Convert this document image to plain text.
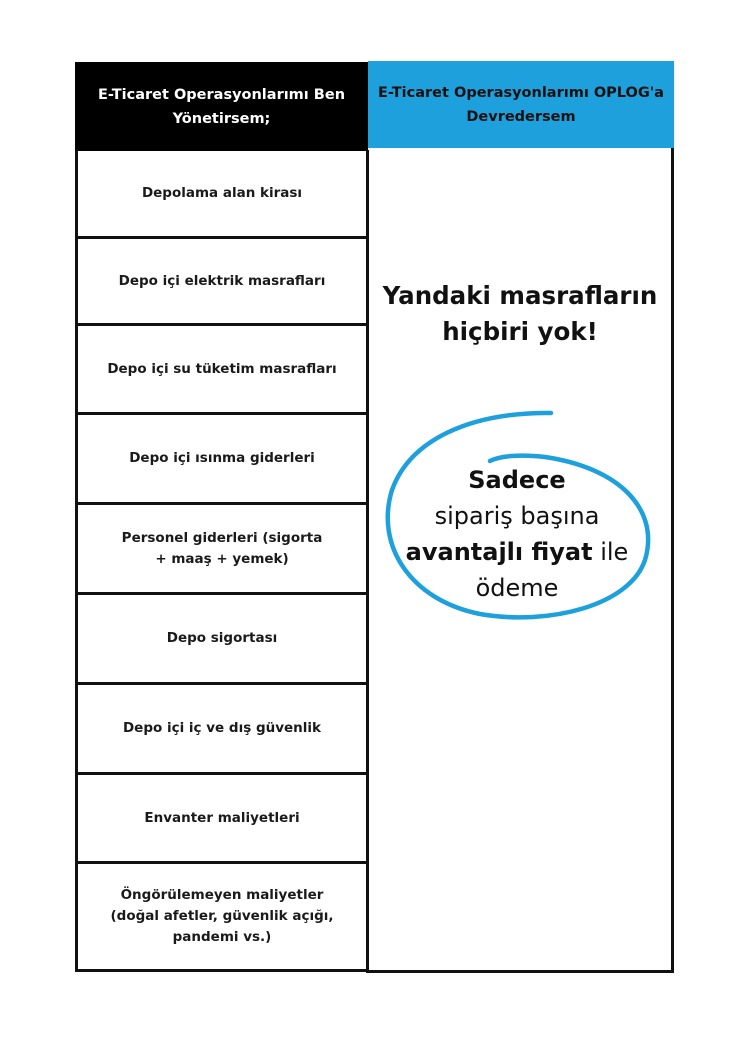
E-Ticaret Operasyonlarımı Ben Yönetirsem;
E-Ticaret Operasyonlarımı OPLOG'a Devredersem
Depolama alan kirası
Depo içi elektrik masrafları
Depo içi su tüketim masrafları
Depo içi ısınma giderleri
Personel giderleri (sigorta + maaş + yemek)
Depo sigortası
Depo içi iç ve dış güvenlik
Envanter maliyetleri
Öngörülemeyen maliyetler (doğal afetler, güvenlik açığı, pandemi vs.)
Yandaki masrafların hiçbiri yok!
Sadece
sipariş başına
avantajlı fiyat ile
ödeme
